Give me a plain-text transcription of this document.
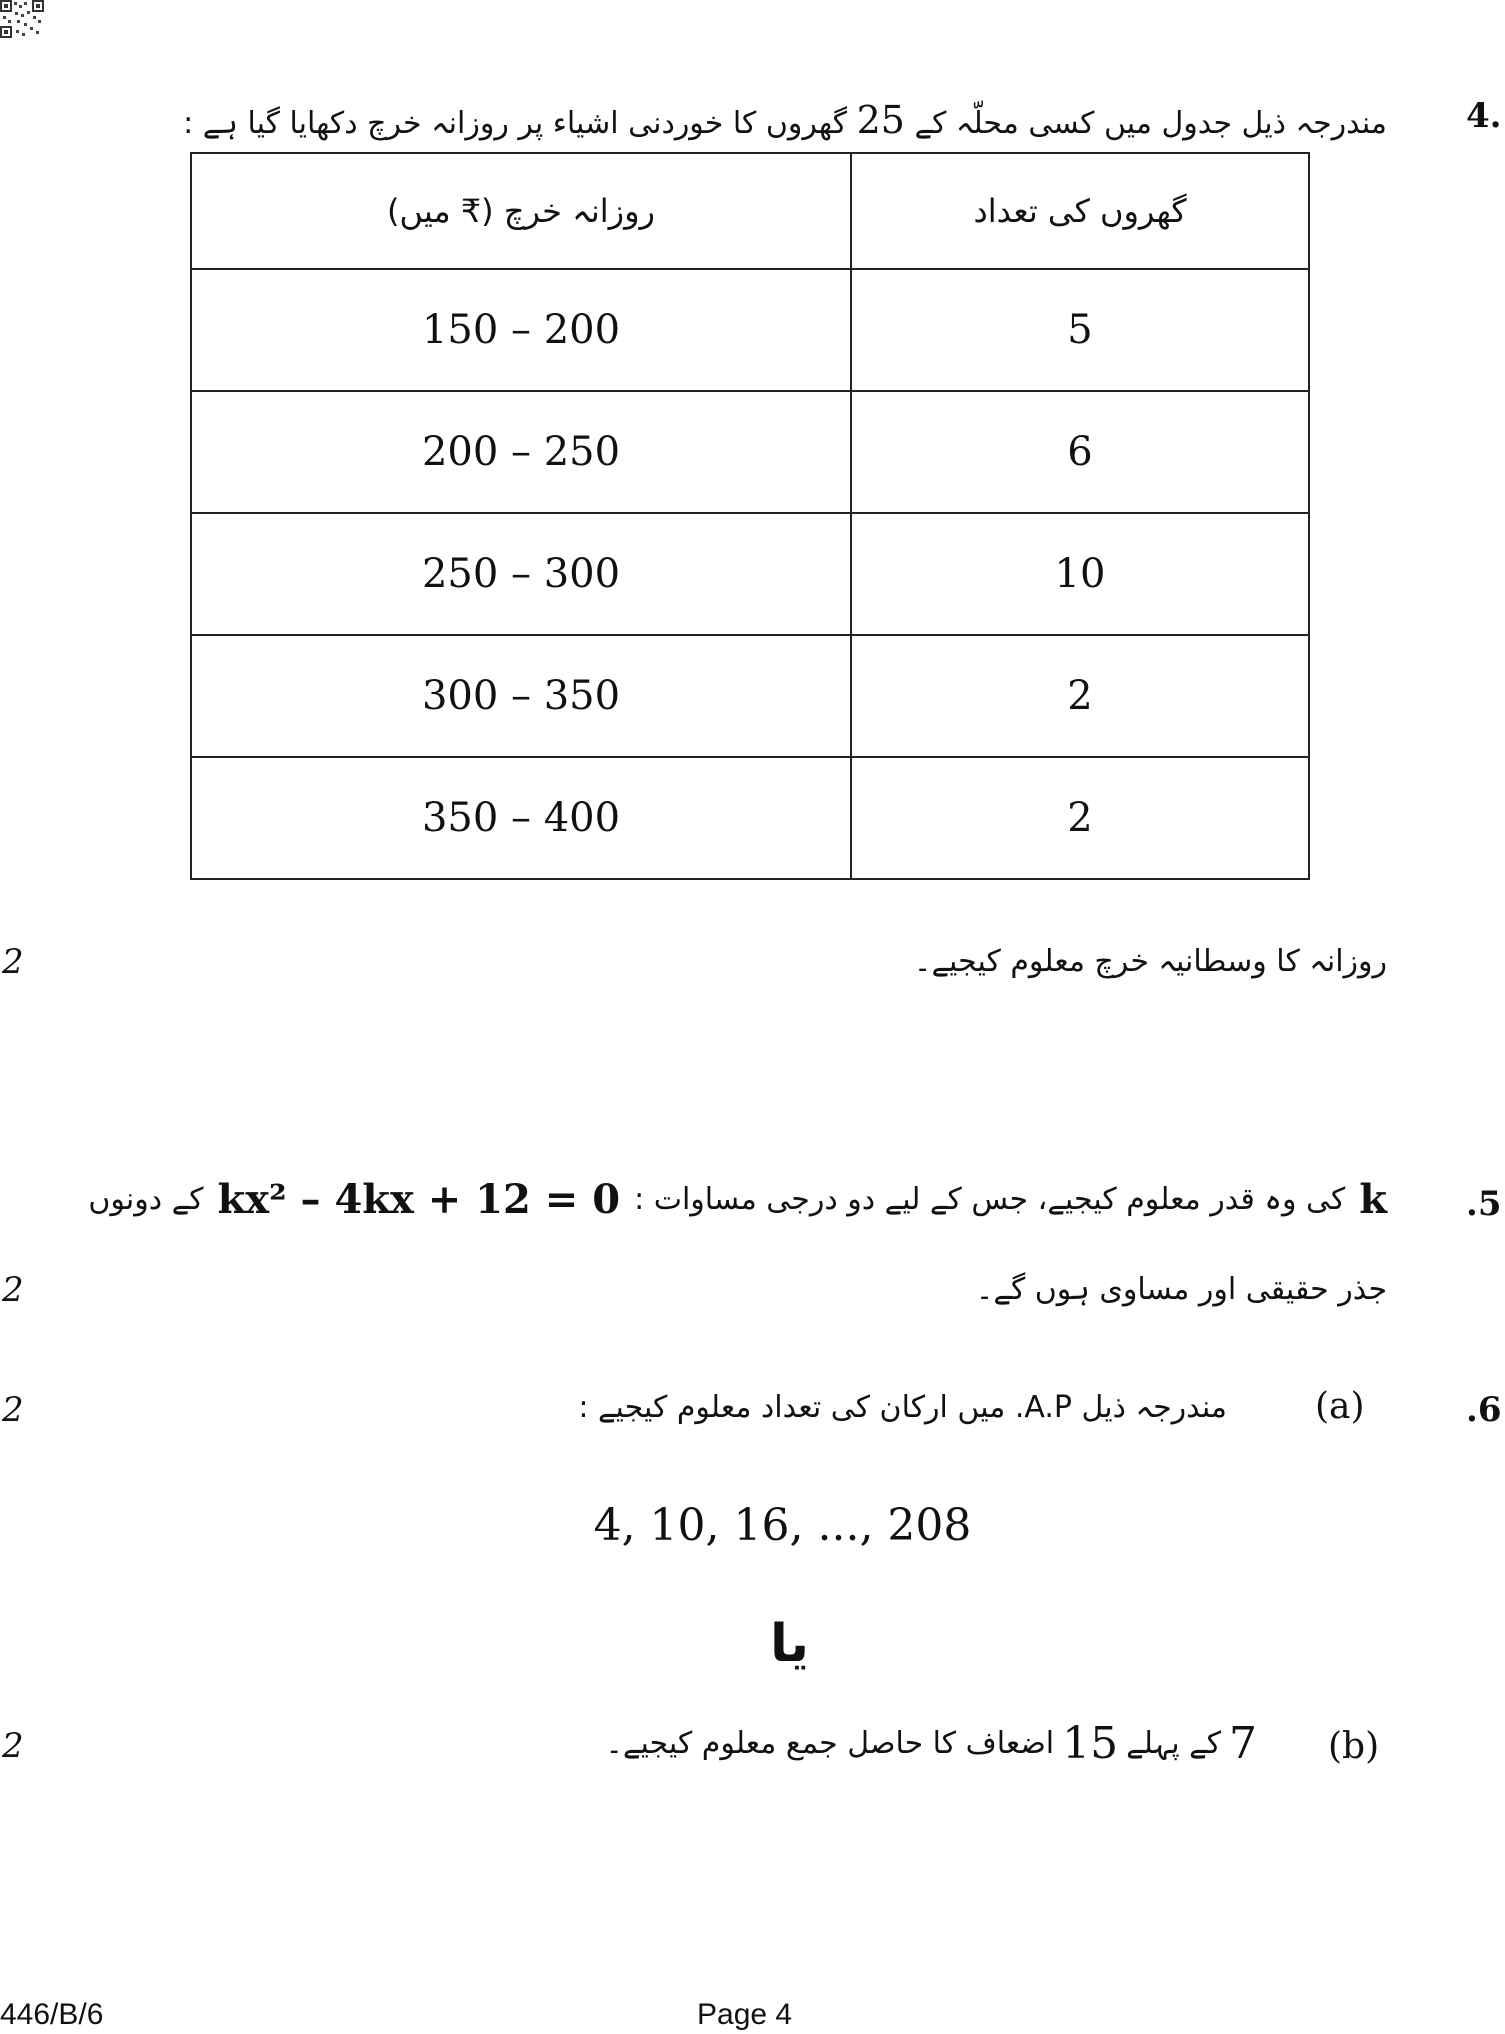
4.
مندرجہ ذیل جدول میں کسی محلّہ کے 25 گھروں کا خوردنی اشیاء پر روزانہ خرچ دکھایا گیا ہے :
روزانہ خرچ (₹ میں)	گھروں کی تعداد
150 – 200	5
200 – 250	6
250 – 300	10
300 – 350	2
350 – 400	2
روزانہ کا وسطانیہ خرچ معلوم کیجیے۔
2
.5
k
کی وہ قدر معلوم کیجیے، جس کے لیے دو درجی مساوات :
kx² – 4kx + 12 = 0
کے دونوں
جذر حقیقی اور مساوی ہوں گے۔
2
.6
(a)
مندرجہ ذیل A.P. میں ارکان کی تعداد معلوم کیجیے :
2
4, 10, 16, ..., 208
یا
(b)
7
کے پہلے
15
اضعاف کا حاصل جمع معلوم کیجیے۔
2
446/B/6	Page 4
